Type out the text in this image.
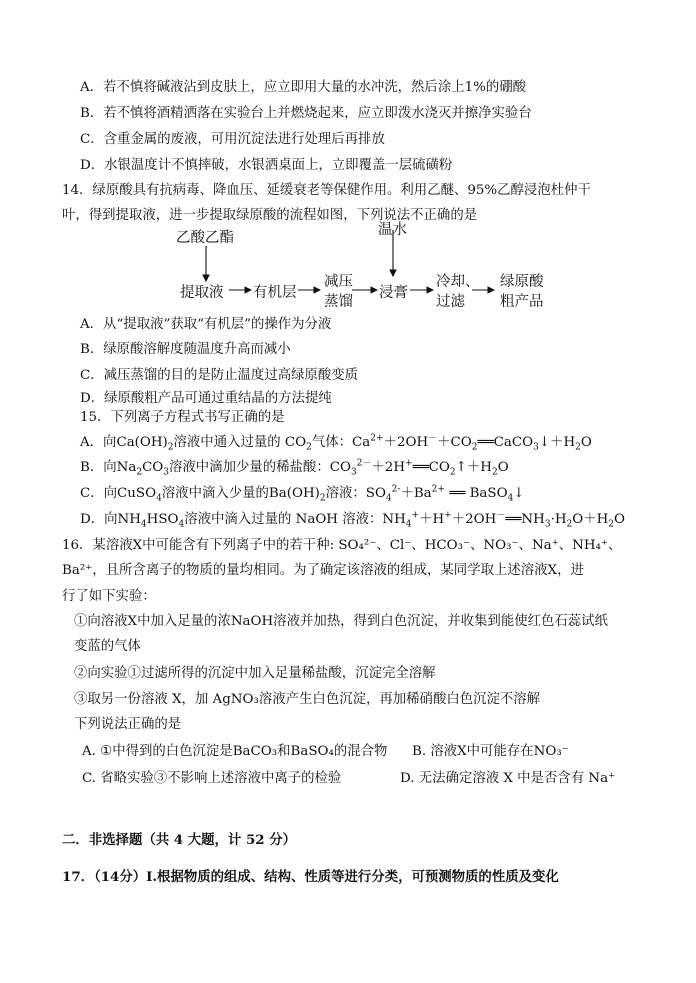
A．若不慎将碱液沾到皮肤上，应立即用大量的水冲洗，然后涂上1%的硼酸
B．若不慎将酒精洒落在实验台上并燃烧起来，应立即泼水浇灭并擦净实验台
C．含重金属的废液，可用沉淀法进行处理后再排放
D．水银温度计不慎摔破，水银洒桌面上，立即覆盖一层硫磺粉
14．绿原酸具有抗病毒、降血压、延缓衰老等保健作用。利用乙醚、95%乙醇浸泡杜仲干
叶，得到提取液，进一步提取绿原酸的流程如图，下列说法不正确的是
乙酸乙酯	温水
提取液 有机层
减压
蒸馏
浸膏
冷却、
过滤
绿原酸
粗产品
A．从“提取液”获取“有机层”的操作为分液
B．绿原酸溶解度随温度升高而减小
C．减压蒸馏的目的是防止温度过高绿原酸变质
D．绿原酸粗产品可通过重结晶的方法提纯
15．下列离子方程式书写正确的是
A．向$Ca(OH)_2$溶液中通入过量的 $CO_2$气体：$Ca^{2+}+2OH^-+CO_2══CaCO_3↓+H_2O$
B．向$Na_2CO_3$溶液中滴加少量的稀盐酸：$CO_3^{2-}+2H^+══CO_2↑+H_2O$
C．向CuSO$_4$溶液中滴入少量的$Ba(OH)_2$溶液：$SO_4^{2-}+Ba^{2+}$ ══ BaSO$_4$↓
D．向$NH_4HSO_4$溶液中滴入过量的 NaOH 溶液：$NH_4^++H^++2OH^-══NH_3\cdot H_2O+H_2O$
16．某溶液X中可能含有下列离子中的若干种: SO₄²⁻、Cl⁻、HCO₃⁻、NO₃⁻、Na⁺、NH₄⁺、
Ba²⁺，且所含离子的物质的量均相同。为了确定该溶液的组成，某同学取上述溶液X，进
行了如下实验：
①向溶液X中加入足量的浓NaOH溶液并加热，得到白色沉淀，并收集到能使红色石蕊试纸
变蓝的气体
②向实验①过滤所得的沉淀中加入足量稀盐酸，沉淀完全溶解
③取另一份溶液 X，加 AgNO₃溶液产生白色沉淀，再加稀硝酸白色沉淀不溶解
下列说法正确的是
A. ①中得到的白色沉淀是BaCO₃和BaSO₄的混合物 B. 溶液X中可能存在NO₃⁻
C. 省略实验③不影响上述溶液中离子的检验	D. 无法确定溶液 X 中是否含有 Na⁺
二．非选择题（共 4 大题，计 52 分）
17．（14分）Ⅰ.根据物质的组成、结构、性质等进行分类，可预测物质的性质及变化
